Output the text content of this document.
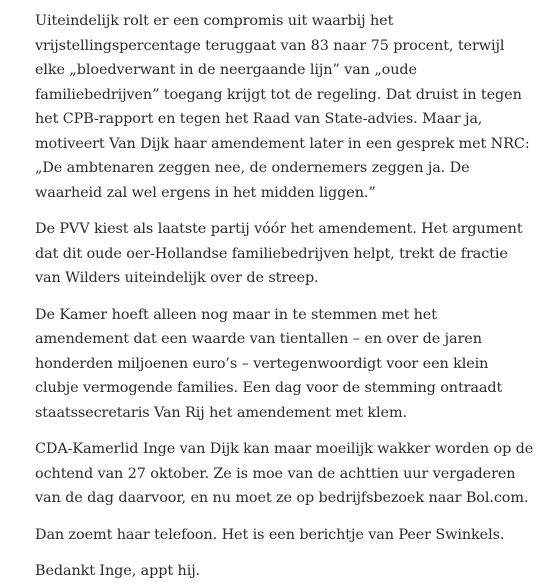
Uiteindelijk rolt er een compromis uit waarbij het vrijstellingspercentage teruggaat van 83 naar 75 procent, terwijl elke „bloedverwant in de neergaande lijn” van „oude familiebedrijven” toegang krijgt tot de regeling. Dat druist in tegen het CPB-rapport en tegen het Raad van State-advies. Maar ja, motiveert Van Dijk haar amendement later in een gesprek met NRC: „De ambtenaren zeggen nee, de ondernemers zeggen ja. De waarheid zal wel ergens in het midden liggen.”

De PVV kiest als laatste partij vóór het amendement. Het argument dat dit oude oer-Hollandse familiebedrijven helpt, trekt de fractie van Wilders uiteindelijk over de streep.

De Kamer hoeft alleen nog maar in te stemmen met het amendement dat een waarde van tientallen – en over de jaren honderden miljoenen euro’s – vertegenwoordigt voor een klein clubje vermogende families. Een dag voor de stemming ontraadt staatssecretaris Van Rij het amendement met klem.

CDA-Kamerlid Inge van Dijk kan maar moeilijk wakker worden op de ochtend van 27 oktober. Ze is moe van de achttien uur vergaderen van de dag daarvoor, en nu moet ze op bedrijfsbezoek naar Bol.com.

Dan zoemt haar telefoon. Het is een berichtje van Peer Swinkels.

Bedankt Inge, appt hij.
